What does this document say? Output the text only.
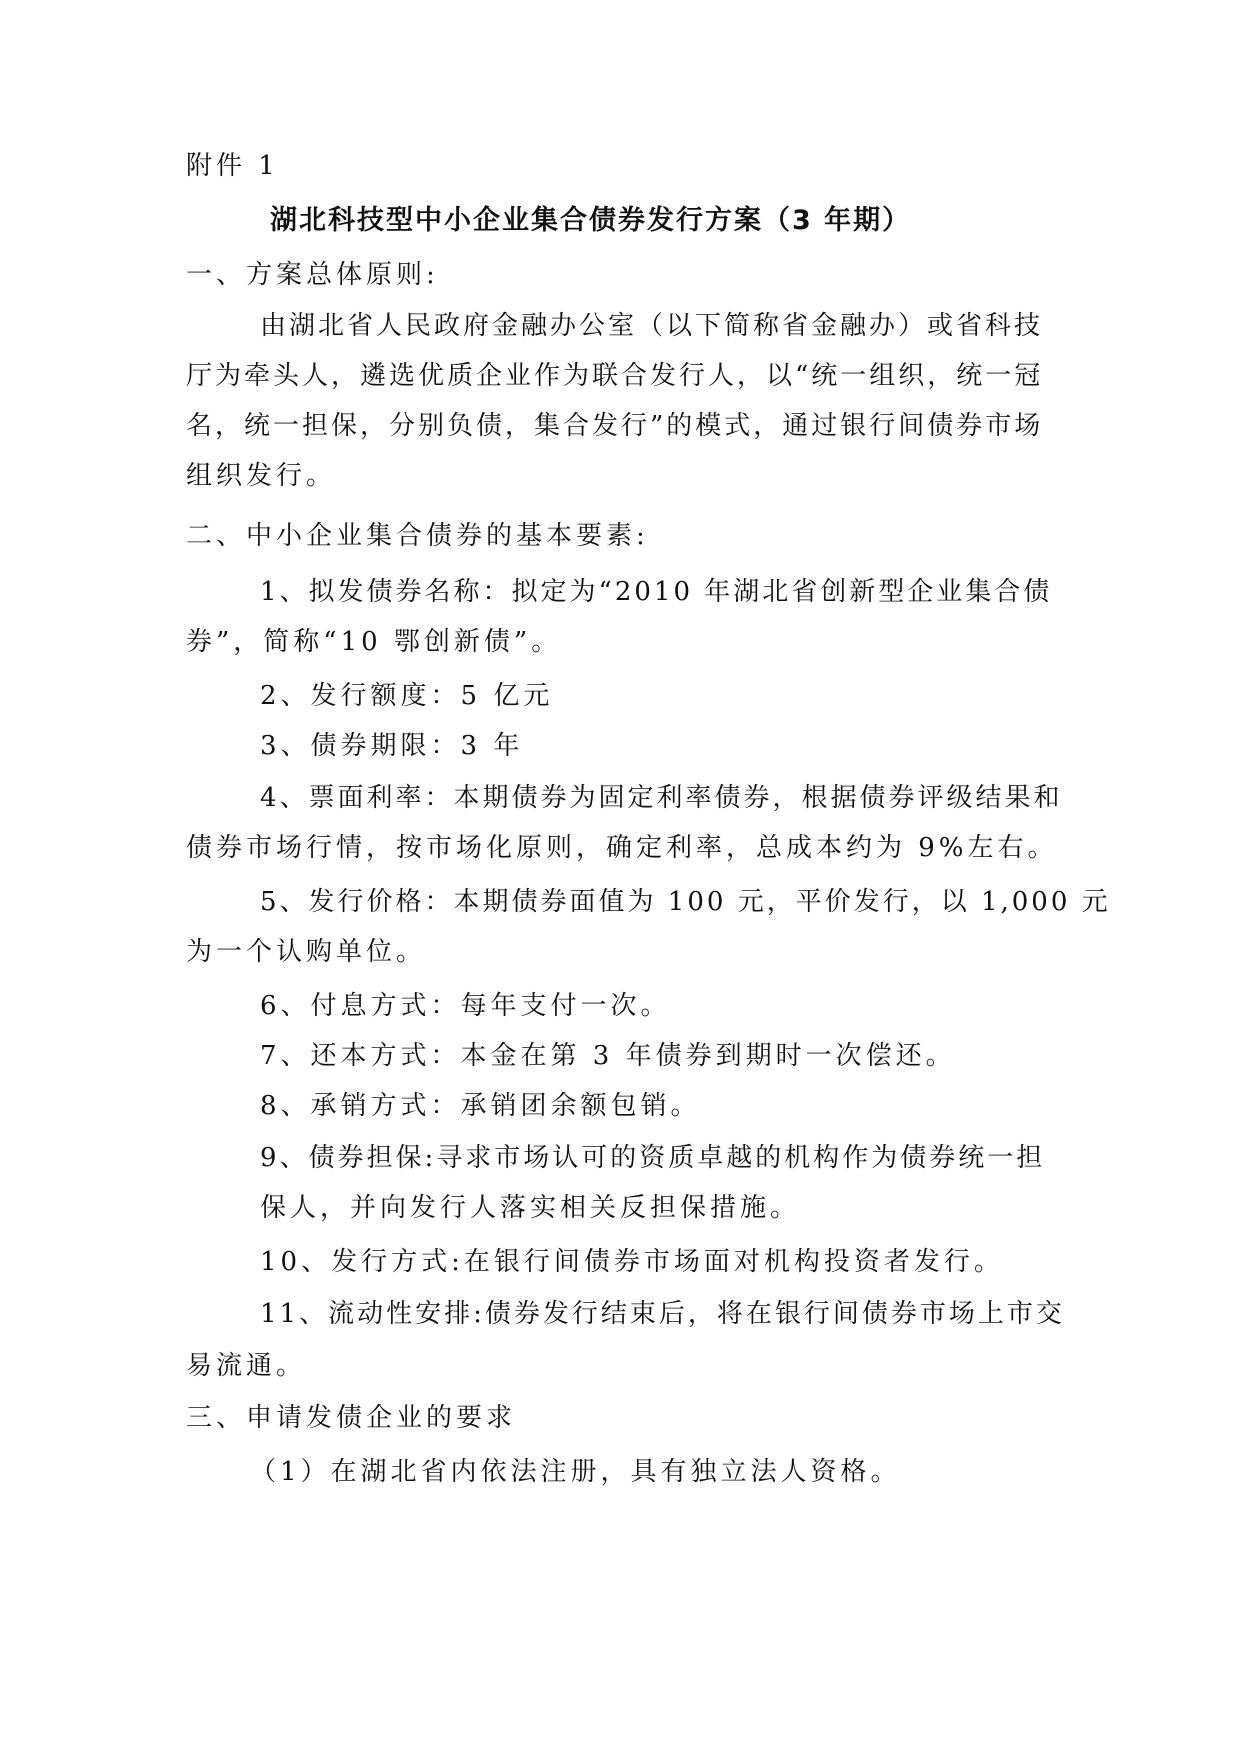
附件 1
湖北科技型中小企业集合债券发行方案（3 年期）
一、方案总体原则:
由湖北省人民政府金融办公室（以下简称省金融办）或省科技
厅为牵头人，遴选优质企业作为联合发行人，以“统一组织，统一冠
名，统一担保，分别负债，集合发行”的模式，通过银行间债券市场
组织发行。
二、中小企业集合债券的基本要素:
1、拟发债券名称：拟定为“2010 年湖北省创新型企业集合债
券”，简称“10 鄂创新债”。
2、发行额度：5 亿元
3、债券期限：3 年
4、票面利率：本期债券为固定利率债券，根据债券评级结果和
债券市场行情，按市场化原则，确定利率，总成本约为 9%左右。
5、发行价格：本期债券面值为 100 元，平价发行，以 1,000 元
为一个认购单位。
6、付息方式：每年支付一次。
7、还本方式：本金在第 3 年债券到期时一次偿还。
8、承销方式：承销团余额包销。
9、债券担保:寻求市场认可的资质卓越的机构作为债券统一担
保人，并向发行人落实相关反担保措施。
10、发行方式:在银行间债券市场面对机构投资者发行。
11、流动性安排:债券发行结束后，将在银行间债券市场上市交
易流通。
三、申请发债企业的要求
（1）在湖北省内依法注册，具有独立法人资格。
